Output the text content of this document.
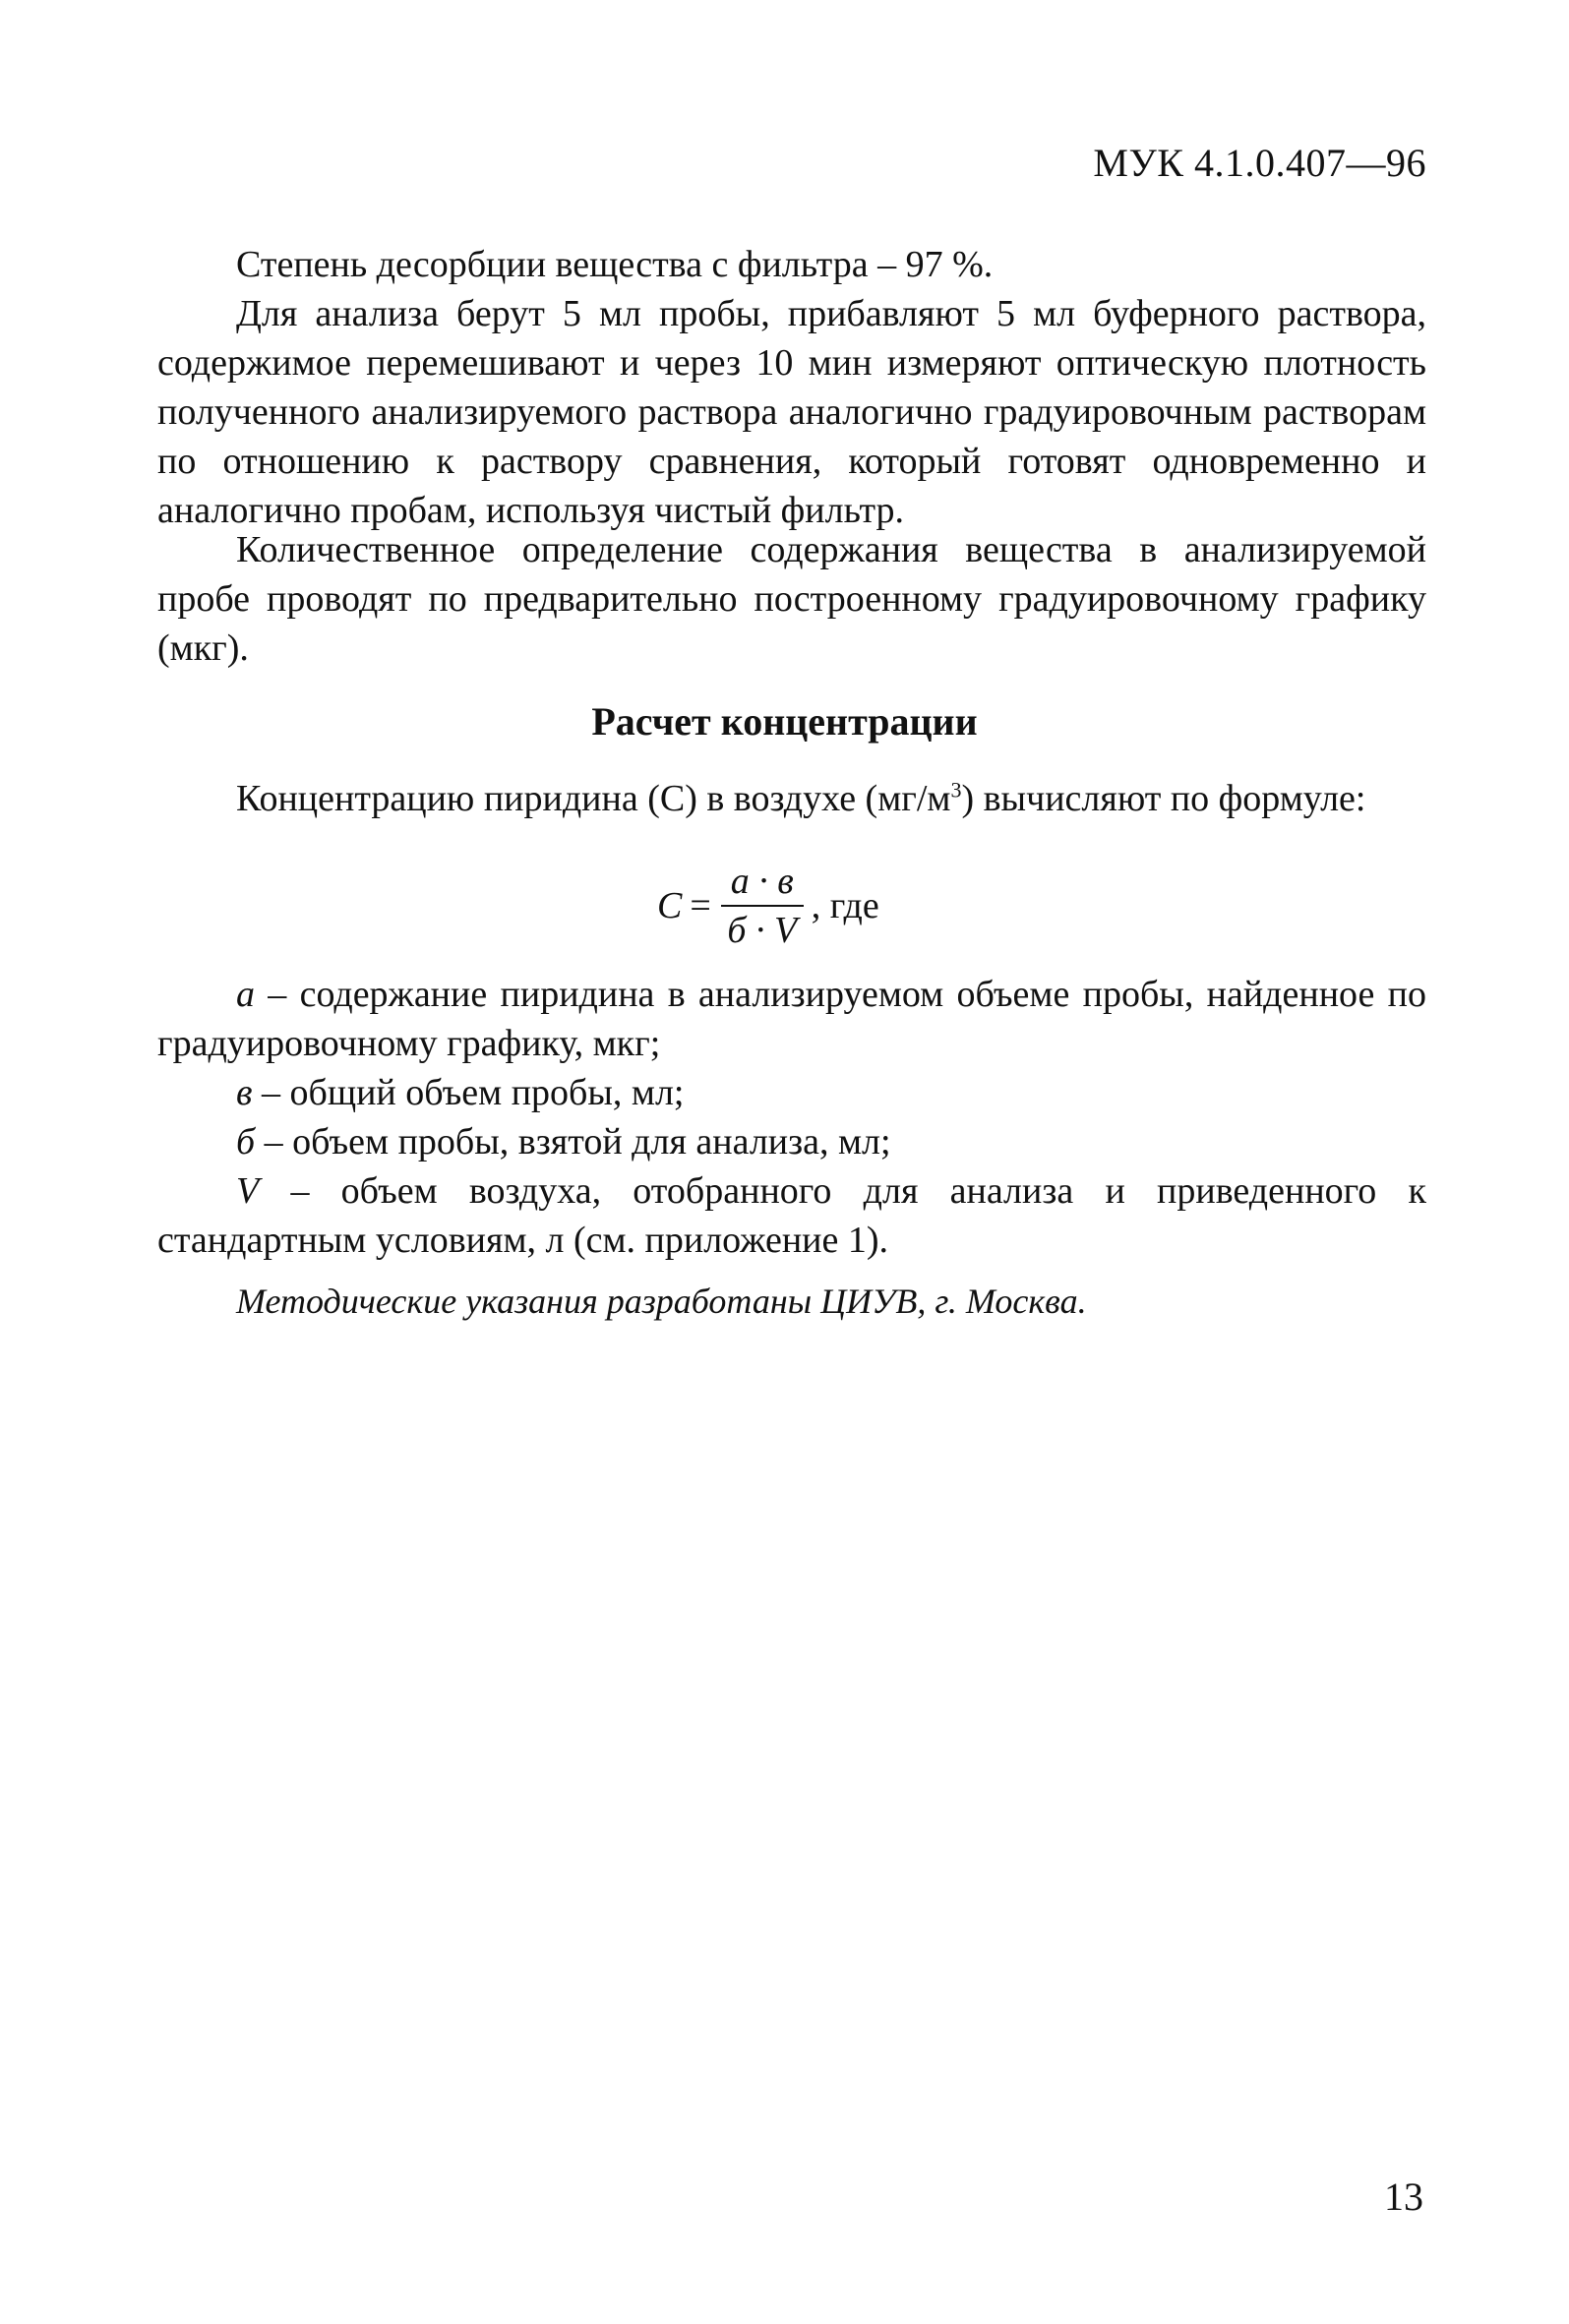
МУК 4.1.0.407—96

Степень десорбции вещества с фильтра – 97 %.

Для анализа берут 5 мл пробы, прибавляют 5 мл буферного раствора, содержимое перемешивают и через 10 мин измеряют оптическую плотность полученного анализируемого раствора аналогично градуировочным растворам по отношению к раствору сравнения, который готовят одновременно и аналогично пробам, используя чистый фильтр.

Количественное определение содержания вещества в анализируемой пробе проводят по предварительно построенному градуировочному графику (мкг).

Расчет концентрации
Концентрацию пиридина (С) в воздухе $(мг/м^3)$ вычисляют по формуле:
$С = \frac{а \cdot в}{б \cdot V}$ , где

а – содержание пиридина в анализируемом объеме пробы, найденное по градуировочному графику, мкг;

в – общий объем пробы, мл;

б – объем пробы, взятой для анализа, мл;

V – объем воздуха, отобранного для анализа и приведенного к стандартным условиям, л (см. приложение 1).

Методические указания разработаны ЦИУВ, г. Москва.
13
